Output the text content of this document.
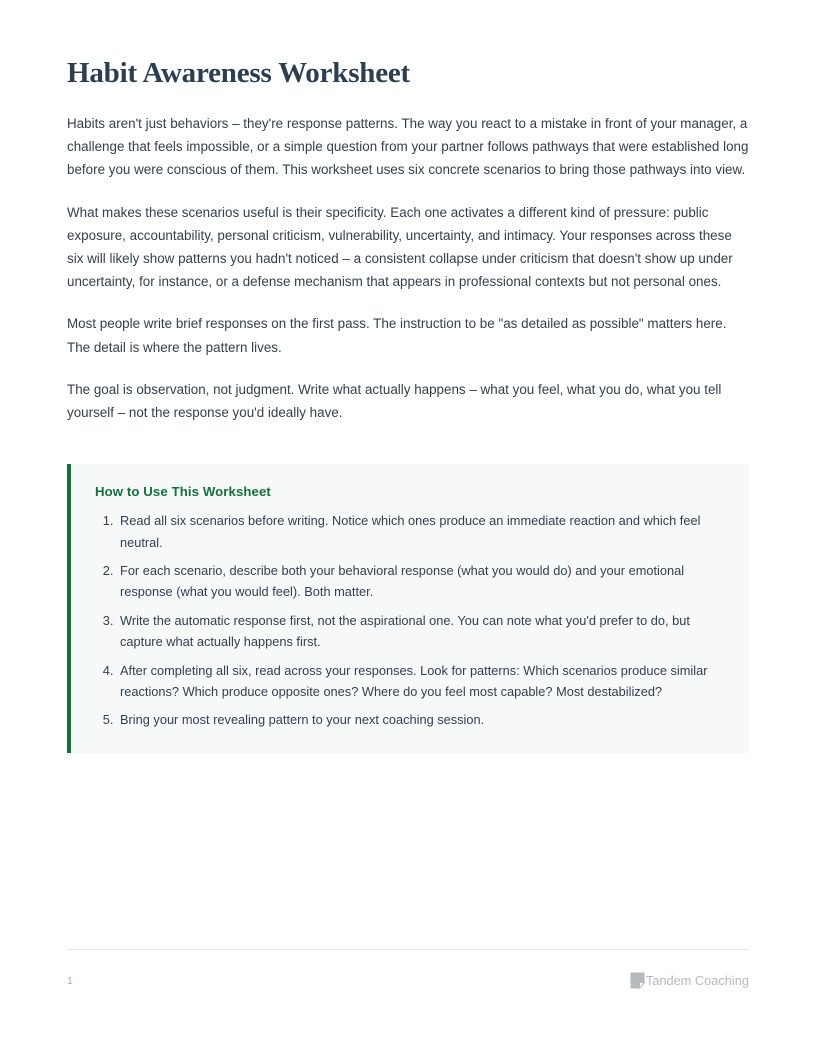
Habit Awareness Worksheet

Habits aren't just behaviors – they're response patterns. The way you react to a mistake in front of your manager, a challenge that feels impossible, or a simple question from your partner follows pathways that were established long before you were conscious of them. This worksheet uses six concrete scenarios to bring those pathways into view.

What makes these scenarios useful is their specificity. Each one activates a different kind of pressure: public exposure, accountability, personal criticism, vulnerability, uncertainty, and intimacy. Your responses across these six will likely show patterns you hadn't noticed – a consistent collapse under criticism that doesn't show up under uncertainty, for instance, or a defense mechanism that appears in professional contexts but not personal ones.

Most people write brief responses on the first pass. The instruction to be "as detailed as possible" matters here. The detail is where the pattern lives.

The goal is observation, not judgment. Write what actually happens – what you feel, what you do, what you tell yourself – not the response you'd ideally have.

How to Use This Worksheet
1. Read all six scenarios before writing. Notice which ones produce an immediate reaction and which feel neutral.
2. For each scenario, describe both your behavioral response (what you would do) and your emotional response (what you would feel). Both matter.
3. Write the automatic response first, not the aspirational one. You can note what you'd prefer to do, but capture what actually happens first.
4. After completing all six, read across your responses. Look for patterns: Which scenarios produce similar reactions? Which produce opposite ones? Where do you feel most capable? Most destabilized?
5. Bring your most revealing pattern to your next coaching session.
1	Tandem Coaching
